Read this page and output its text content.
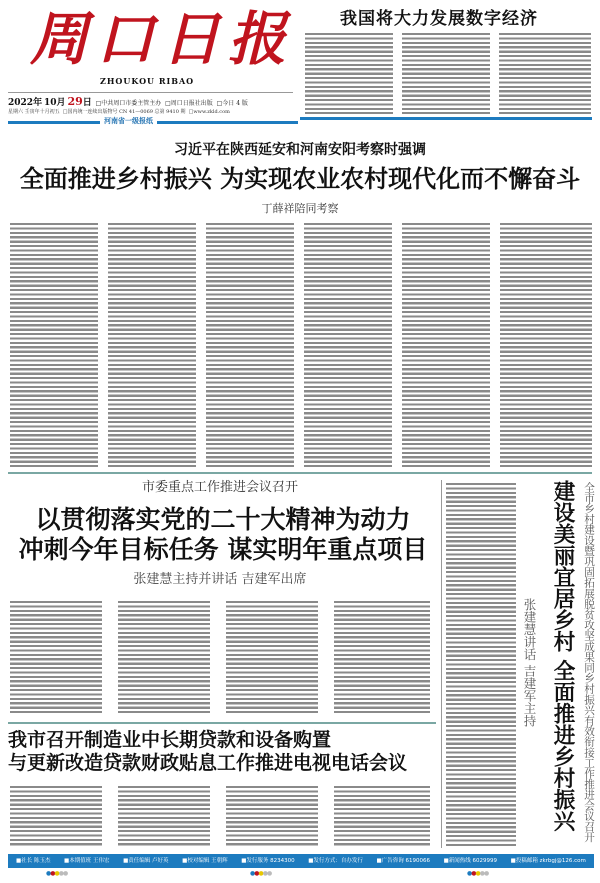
周口日报
ZHOUKOU RIBAO
2022年 10月 29日 □中共周口市委主管主办 □周口日报社出版 □今日 4 版
星期六 壬寅年十月初五 □国内统一连续出版物号 CN 41—0069 总第 9410 期 □www.zkld.com
河南省一级报纸
我国将大力发展数字经济
习近平在陕西延安和河南安阳考察时强调
全面推进乡村振兴 为实现农业农村现代化而不懈奋斗
丁薛祥陪同考察
市委重点工作推进会议召开
以贯彻落实党的二十大精神为动力
冲刺今年目标任务 谋实明年重点项目
张建慧主持并讲话 吉建军出席
我市召开制造业中长期贷款和设备购置
与更新改造贷款财政贴息工作推进电视电话会议
张建慧讲话 吉建军主持 建设美丽宜居乡村 全面推进乡村振兴 全市乡村建设暨巩固拓展脱贫攻坚成果同乡村振兴有效衔接工作推进会议召开
■社长 陈玉杰 ■本期值班 王伟宏 ■责任编辑 卢好英 ■校对编辑 王朝辉 ■发行服务 8234300 ■发行方式：自办发行 ■广告咨询 6190066 ■新闻热线 6029999 ■投稿邮箱 zkrbgj@126.com
●●●●●	●●●●●	●●●●●
